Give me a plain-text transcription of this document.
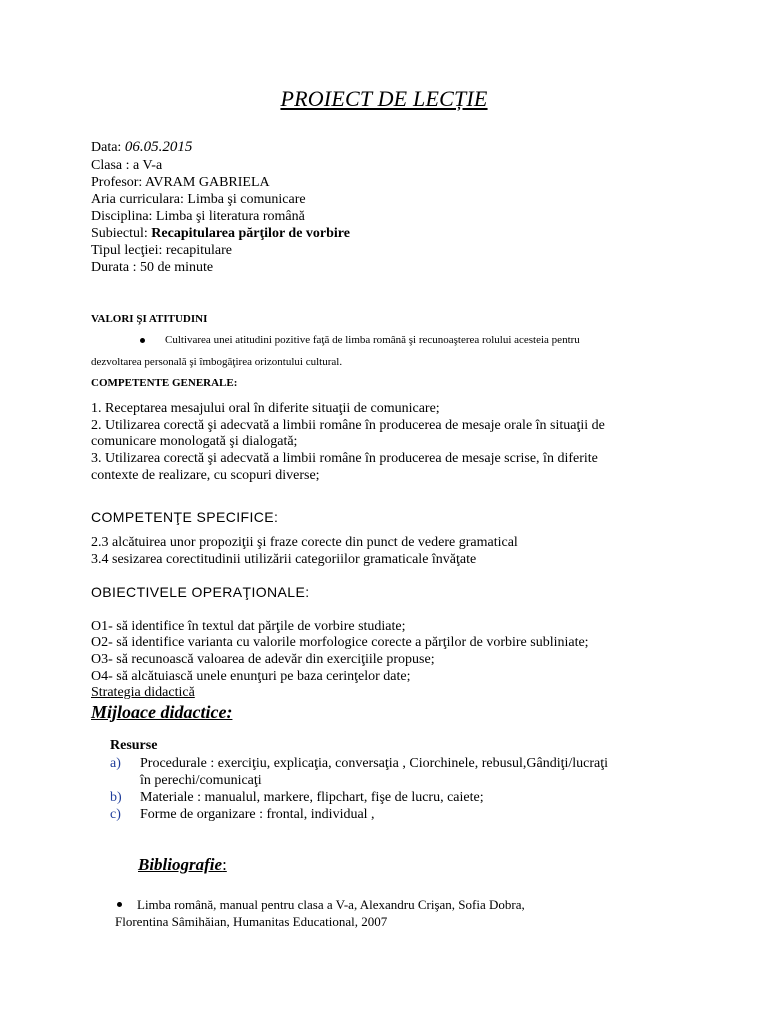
PROIECT DE LECȚIE
Data: 06.05.2015
Clasa : a V-a
Profesor: AVRAM GABRIELA
Aria curriculara: Limba şi comunicare
Disciplina: Limba şi literatura română
Subiectul: Recapitularea părţilor de vorbire
Tipul lecţiei: recapitulare
Durata : 50 de minute
VALORI ŞI ATITUDINI
Cultivarea unei atitudini pozitive faţă de limba română şi recunoaşterea rolului acesteia pentru
dezvoltarea personală şi îmbogăţirea orizontului cultural.
COMPETENTE GENERALE:
1. Receptarea mesajului oral în diferite situaţii de comunicare;
2. Utilizarea corectă şi adecvată a limbii române în producerea de mesaje orale în situaţii de
comunicare monologată şi dialogată;
3. Utilizarea corectă şi adecvată a limbii române în producerea de mesaje scrise, în diferite
contexte de realizare, cu scopuri diverse;
COMPETENŢE SPECIFICE:
2.3 alcătuirea unor propoziţii şi fraze corecte din punct de vedere gramatical
3.4 sesizarea corectitudinii utilizării categoriilor gramaticale învăţate
OBIECTIVELE OPERAŢIONALE:
O1- să identifice în textul dat părţile de vorbire studiate;
O2- să identifice varianta cu valorile morfologice corecte a părţilor de vorbire subliniate;
O3- să recunoască valoarea de adevăr din exerciţiile propuse;
O4- să alcătuiască unele enunţuri pe baza cerinţelor date;
Strategia didactică
Mijloace didactice:
Resurse
a) Procedurale : exerciţiu, explicaţia, conversaţia , Ciorchinele, rebusul,Gândiţi/lucraţi
în perechi/comunicaţi
b) Materiale : manualul, markere, flipchart, fişe de lucru, caiete;
c) Forme de organizare : frontal, individual ,
Bibliografie:
Limba română, manual pentru clasa a V-a, Alexandru Crişan, Sofia Dobra,
Florentina Sâmihăian, Humanitas Educational, 2007
